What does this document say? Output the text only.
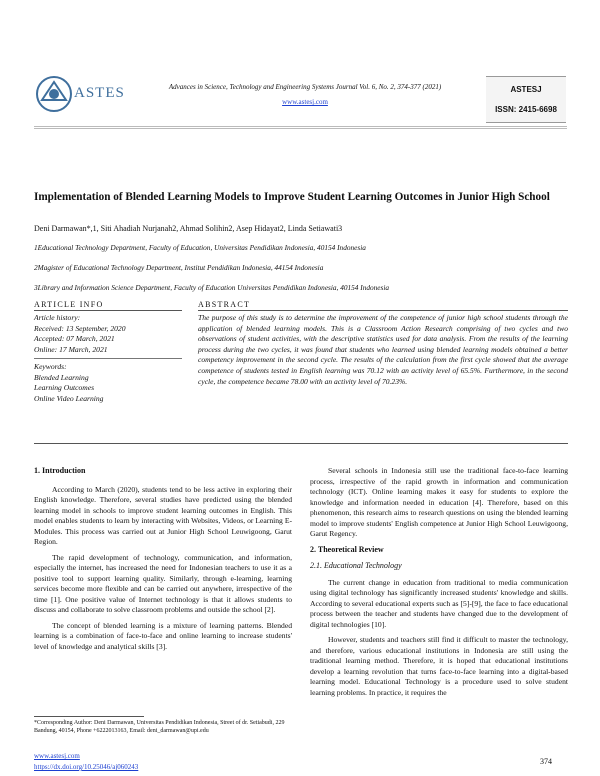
ASTES	Advances in Science, Technology and Engineering Systems Journal Vol. 6, No. 2, 374-377 (2021)
www.astesj.com
ASTESJ
ISSN: 2415-6698
Implementation of Blended Learning Models to Improve Student Learning Outcomes in Junior High School
Deni Darmawan*,1, Siti Ahadiah Nurjanah2, Ahmad Solihin2, Asep Hidayat2, Linda Setiawati3
1Educational Technology Department, Faculty of Education, Universitas Pendidikan Indonesia, 40154 Indonesia
2Magister of Educational Technology Department, Institut Pendidikan Indonesia, 44154 Indonesia
3Library and Information Science Department, Faculty of Education Universitas Pendidikan Indonesia, 40154 Indonesia
ARTICLE INFO
Article history:
Received: 13 September, 2020
Accepted: 07 March, 2021
Online: 17 March, 2021
Keywords:
Blended Learning
Learning Outcomes
Online Video Learning
ABSTRACT
The purpose of this study is to determine the improvement of the competence of junior high school students through the application of blended learning models. This is a Classroom Action Research comprising of two cycles and two observations of student activities, with the descriptive statistics used for data analysis. From the results of the learning process during the two cycles, it was found that students who learned using blended learning models obtained a better competency improvement in the second cycle. The results of the calculation from the first cycle showed that the average competence of students tested in English learning was 70.12 with an activity level of 65.5%. Furthermore, in the second cycle, the competence became 78.00 with an activity level of 70.23%.
1. Introduction

According to March (2020), students tend to be less active in exploring their English knowledge. Therefore, several studies have predicted using the blended learning model in schools to improve student learning outcomes in English. This model enables students to learn by interacting with Websites, Videos, or Learning E-Modules. This process was carried out at Junior High School Leuwigoong, Garut Region.

The rapid development of technology, communication, and information, especially the internet, has increased the need for Indonesian teachers to use it as a positive tool to support learning quality. Similarly, through e-learning, learning services become more flexible and can be carried out anywhere, irrespective of the time [1]. One positive value of Internet technology is that it allows students to discuss and collaborate to solve classroom problems and outside the school [2].

The concept of blended learning is a mixture of learning patterns. Blended learning is a combination of face-to-face and online learning to increase students' level of knowledge and analytical skills [3].

Several schools in Indonesia still use the traditional face-to-face learning process, irrespective of the rapid growth in information and communication technology (ICT). Online learning makes it easy for students to explore the knowledge and information needed in education [4]. Therefore, based on this phenomenon, this research aims to research questions on using the blended learning model to improve students' English competence at Junior High School Leuwigoong, Garut Regency.

2. Theoretical Review
2.1. Educational Technology

The current change in education from traditional to media communication using digital technology has significantly increased students' knowledge and skills. According to several educational experts such as [5]-[9], the face to face educational process between the teacher and students have changed due to the development of digital technologies [10].

However, students and teachers still find it difficult to master the technology, and therefore, various educational institutions in Indonesia are still using the traditional learning method. Therefore, it is hoped that educational institutions develop a learning revolution that turns face-to-face learning into a digital-based learning model. Educational Technology is a procedure used to solve student learning problems. In practice, it requires the

*Corresponding Author: Deni Darmawan, Universitas Pendidikan Indonesia, Street of dr. Setiabudi, 229 Bandung, 40154, Phone +6222013163, Email: deni_darmawan@upi.edu
www.astesj.com
https://dx.doi.org/10.25046/aj060243
374
